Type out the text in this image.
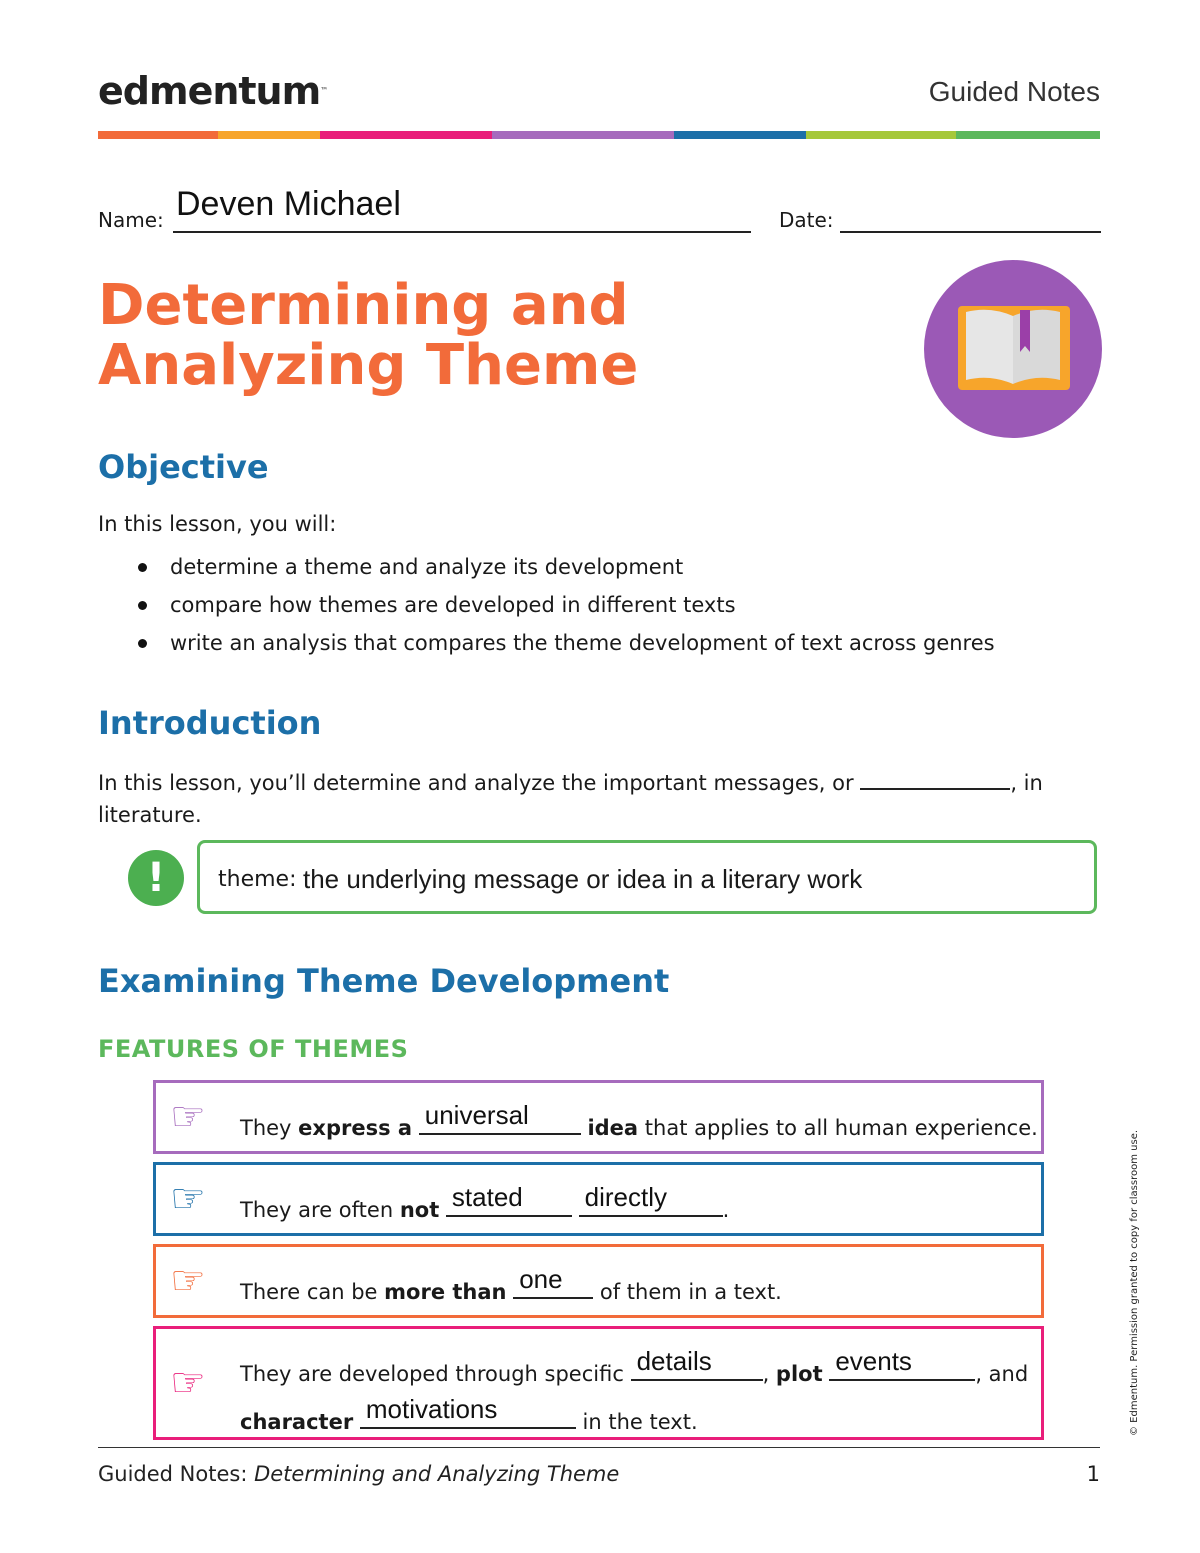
edmentum™	Guided Notes
Name: Deven Michael	Date:
Determining and Analyzing Theme
Objective
In this lesson, you will:
determine a theme and analyze its development
compare how themes are developed in different texts
write an analysis that compares the theme development of text across genres
Introduction
In this lesson, you’ll determine and analyze the important messages, or	, in
literature.
!	theme: the underlying message or idea in a literary work
Examining Theme Development
FEATURES OF THEMES
☞ They express a universal	idea that applies to all human experience.
☞ They are often not stated
directly	.
☞ There can be more than one of them in a text.
☞ They are developed through specific details , plot events	, and
character motivations	in the text.	© Edmentum. Permission granted to copy for classroom use.
Guided Notes: Determining and Analyzing Theme	1
